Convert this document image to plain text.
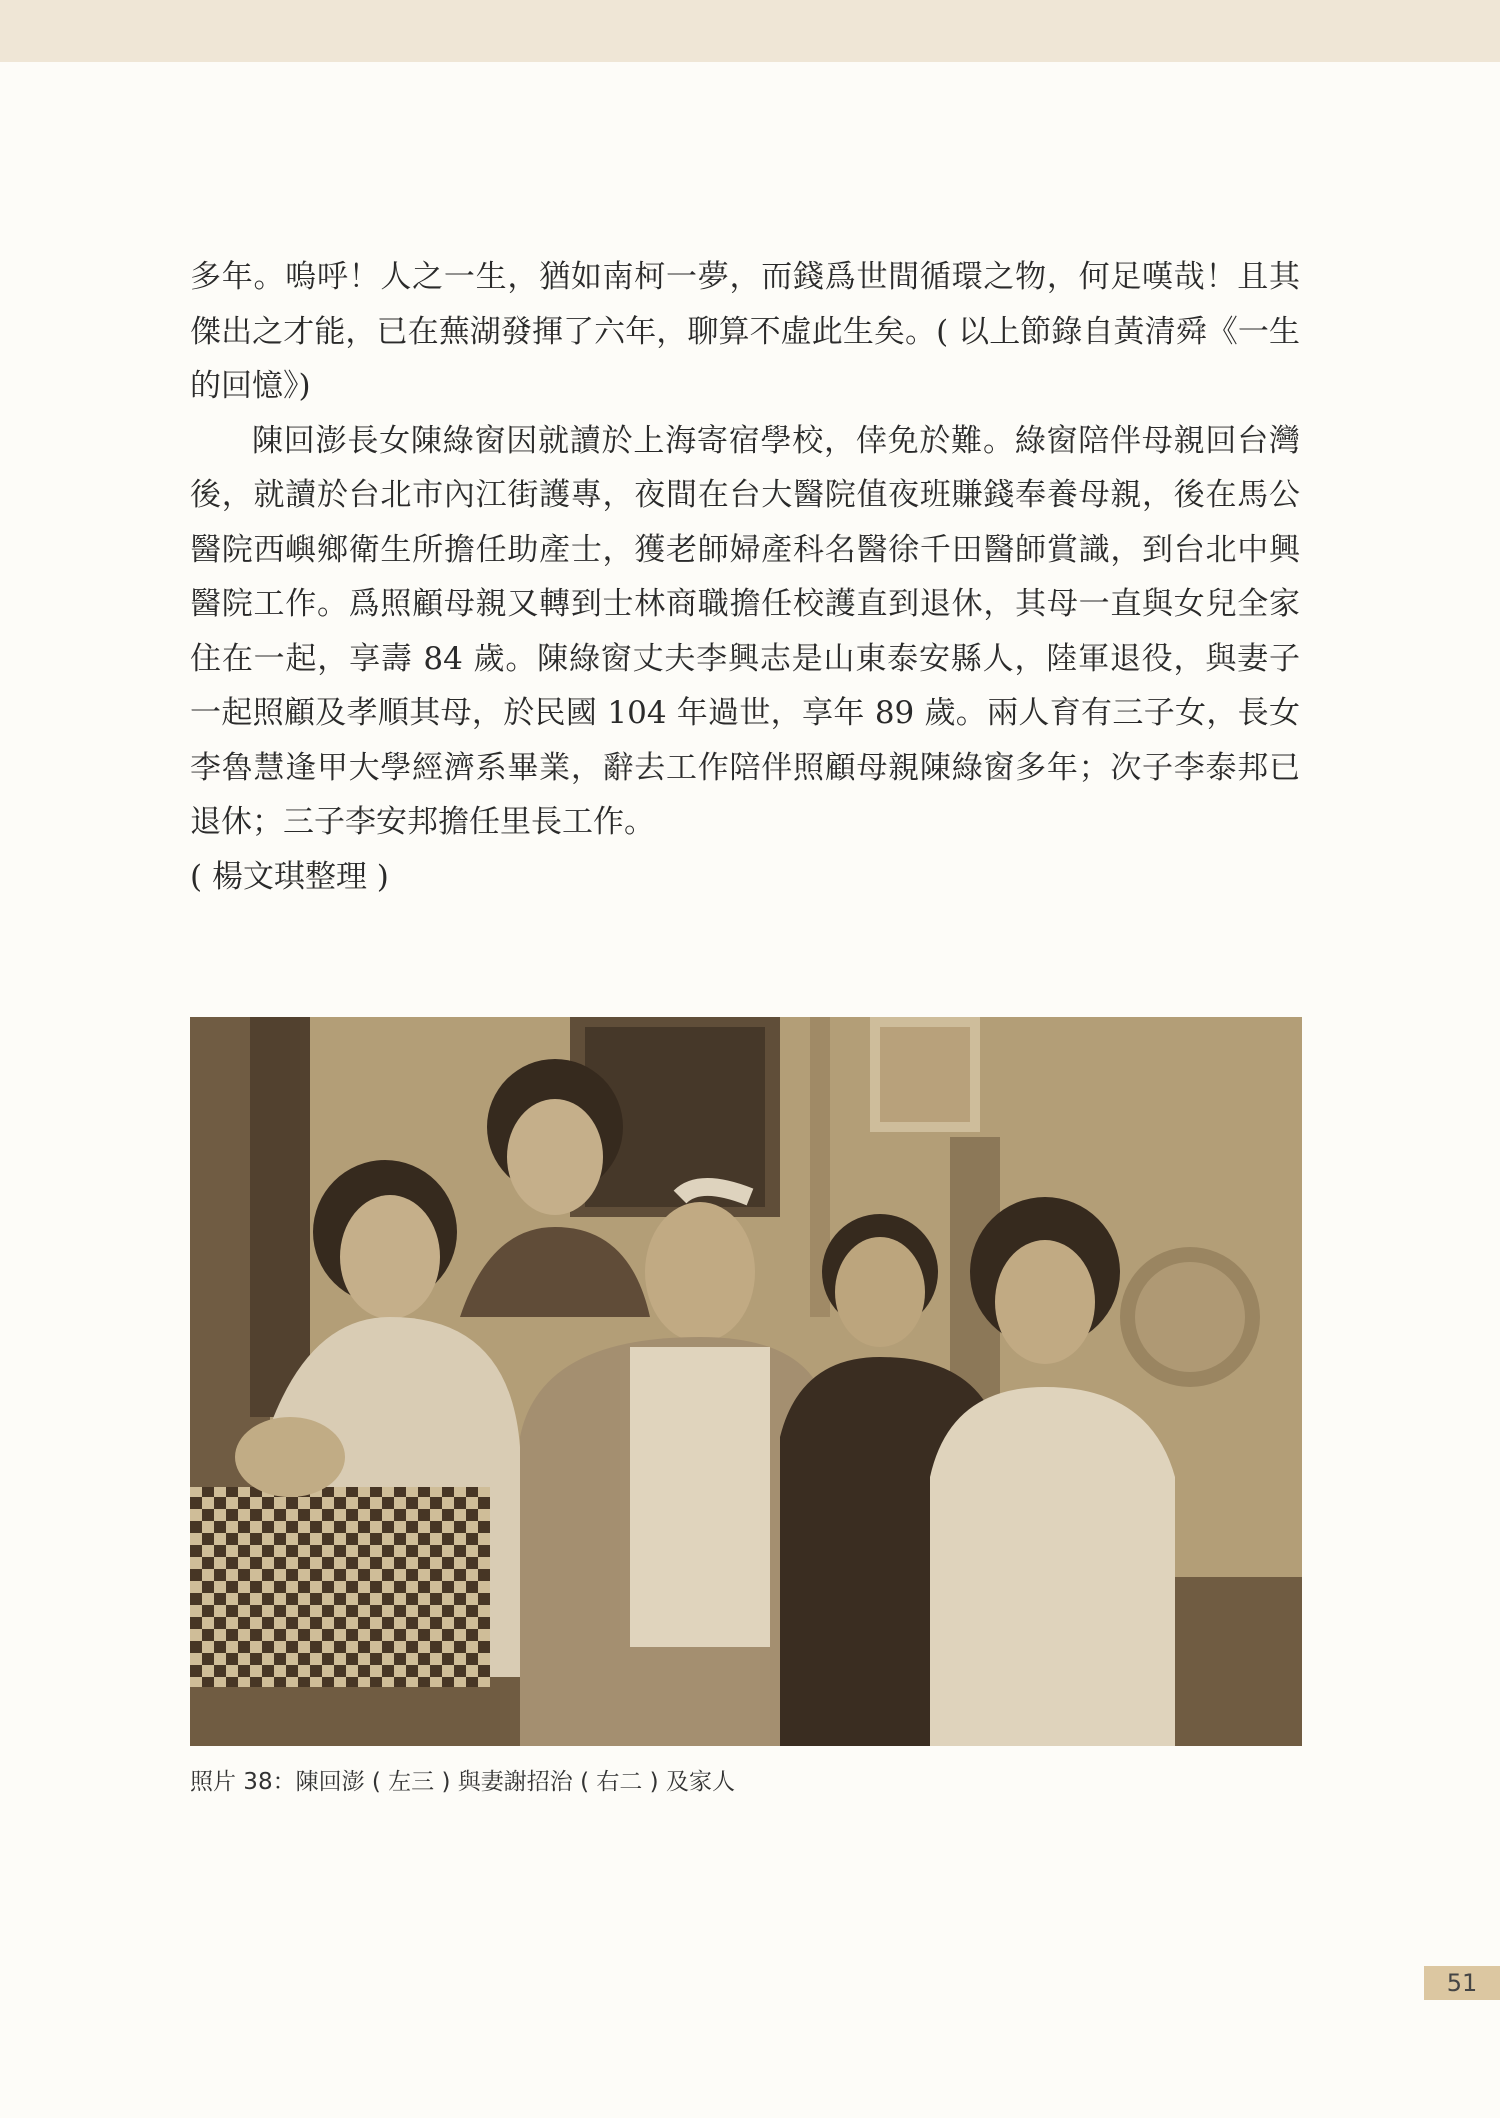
多年。嗚呼！人之一生，猶如南柯一夢，而錢爲世間循環之物，何足嘆哉！且其傑出之才能，已在蕪湖發揮了六年，聊算不虛此生矣。( 以上節錄自黃清舜《一生的回憶》)

陳回澎長女陳綠窗因就讀於上海寄宿學校，倖免於難。綠窗陪伴母親回台灣後，就讀於台北市內江街護專，夜間在台大醫院值夜班賺錢奉養母親，後在馬公醫院西嶼鄉衛生所擔任助產士，獲老師婦產科名醫徐千田醫師賞識，到台北中興醫院工作。爲照顧母親又轉到士林商職擔任校護直到退休，其母一直與女兒全家住在一起，享壽 84 歲。陳綠窗丈夫李興志是山東泰安縣人，陸軍退役，與妻子一起照顧及孝順其母，於民國 104 年過世，享年 89 歲。兩人育有三子女，長女李魯慧逢甲大學經濟系畢業，辭去工作陪伴照顧母親陳綠窗多年；次子李泰邦已退休；三子李安邦擔任里長工作。

( 楊文琪整理 )

照片 38：陳回澎 ( 左三 ) 與妻謝招治 ( 右二 ) 及家人
51
